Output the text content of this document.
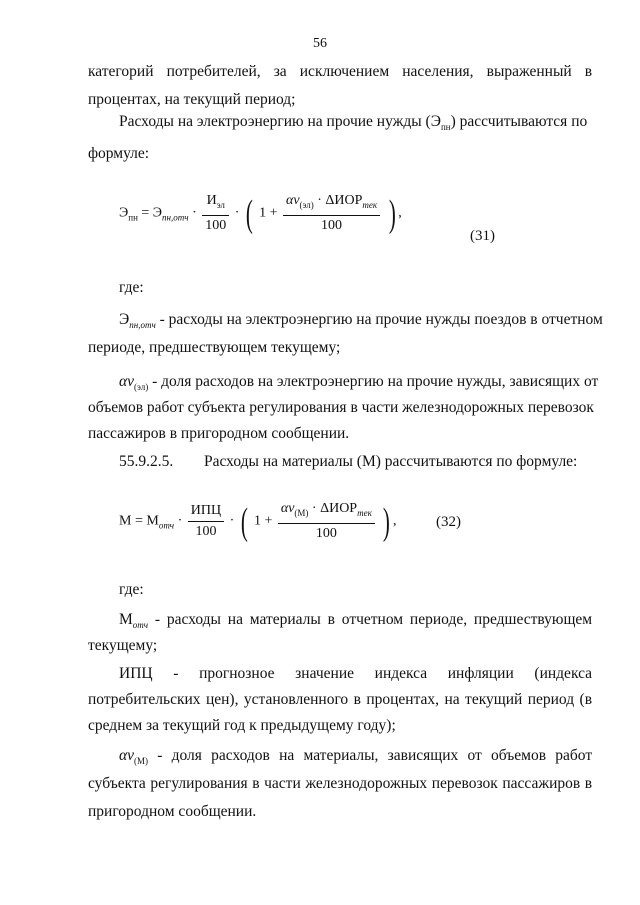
56
категорий потребителей, за исключением населения, выраженный в
процентах, на текущий период;
Расходы на электроэнергию на прочие нужды $(Э_{пн})$ рассчитываются по
формуле:
$Э_{пн} = Э_{пн,отч} \cdot \frac{И_{эл}}{100}$ · ( $1 + \frac{\alpha v_{(эл)} \cdot \Delta ИОР_{тек}}{100}$ ) ,
(31)
где:
$Э_{пн,отч}$ - расходы на электроэнергию на прочие нужды поездов в отчетном
периоде, предшествующем текущему;
$\alpha v_{(эл)}$ - доля расходов на электроэнергию на прочие нужды, зависящих от
объемов работ субъекта регулирования в части железнодорожных перевозок
пассажиров в пригородном сообщении.
55.9.2.5. Расходы на материалы (М) рассчитываются по формуле:
$М = М_{отч} \cdot \frac{\text{ИПЦ}}{100}$ · ( $1 + \frac{\alpha v_{(М)} \cdot \Delta ИОР_{тек}}{100}$ ) ,	(32)
где:
$М_{отч}$ - расходы на материалы в отчетном периоде, предшествующем
текущему;
ИПЦ - прогнозное значение индекса инфляции (индекса
потребительских цен), установленного в процентах, на текущий период (в
среднем за текущий год к предыдущему году);
$\alpha v_{(М)}$ - доля расходов на материалы, зависящих от объемов работ
субъекта регулирования в части железнодорожных перевозок пассажиров в
пригородном сообщении.
